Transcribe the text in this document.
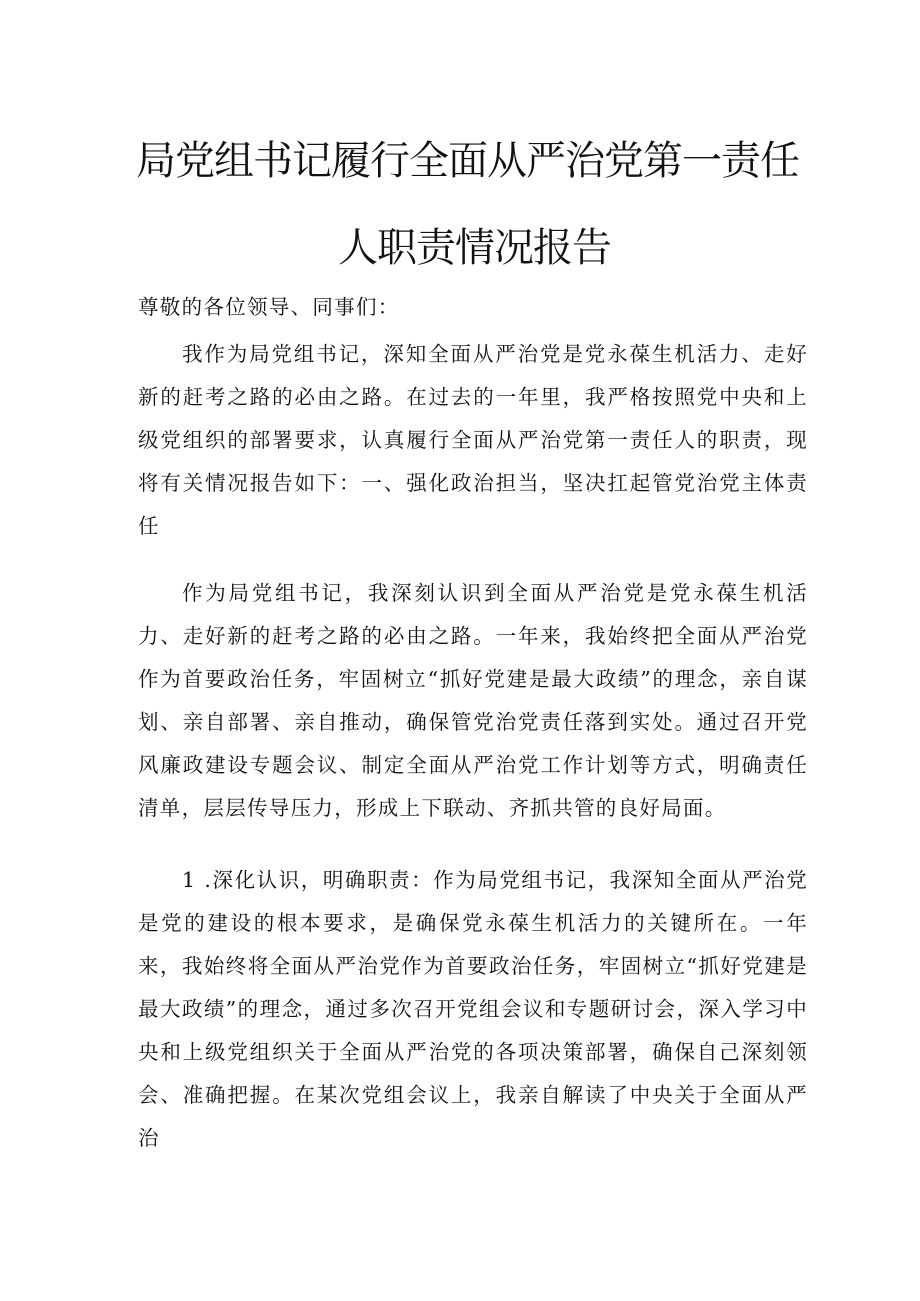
局党组书记履行全面从严治党第一责任
人职责情况报告

尊敬的各位领导、同事们：

我作为局党组书记，深知全面从严治党是党永葆生机活力、走好新的赶考之路的必由之路。在过去的一年里，我严格按照党中央和上级党组织的部署要求，认真履行全面从严治党第一责任人的职责，现将有关情况报告如下：一、强化政治担当，坚决扛起管党治党主体责任

作为局党组书记，我深刻认识到全面从严治党是党永葆生机活力、走好新的赶考之路的必由之路。一年来，我始终把全面从严治党作为首要政治任务，牢固树立“抓好党建是最大政绩”的理念，亲自谋划、亲自部署、亲自推动，确保管党治党责任落到实处。通过召开党风廉政建设专题会议、制定全面从严治党工作计划等方式，明确责任清单，层层传导压力，形成上下联动、齐抓共管的良好局面。

1 .深化认识，明确职责：作为局党组书记，我深知全面从严治党是党的建设的根本要求，是确保党永葆生机活力的关键所在。一年来，我始终将全面从严治党作为首要政治任务，牢固树立“抓好党建是最大政绩”的理念，通过多次召开党组会议和专题研讨会，深入学习中央和上级党组织关于全面从严治党的各项决策部署，确保自己深刻领会、准确把握。在某次党组会议上，我亲自解读了中央关于全面从严治
